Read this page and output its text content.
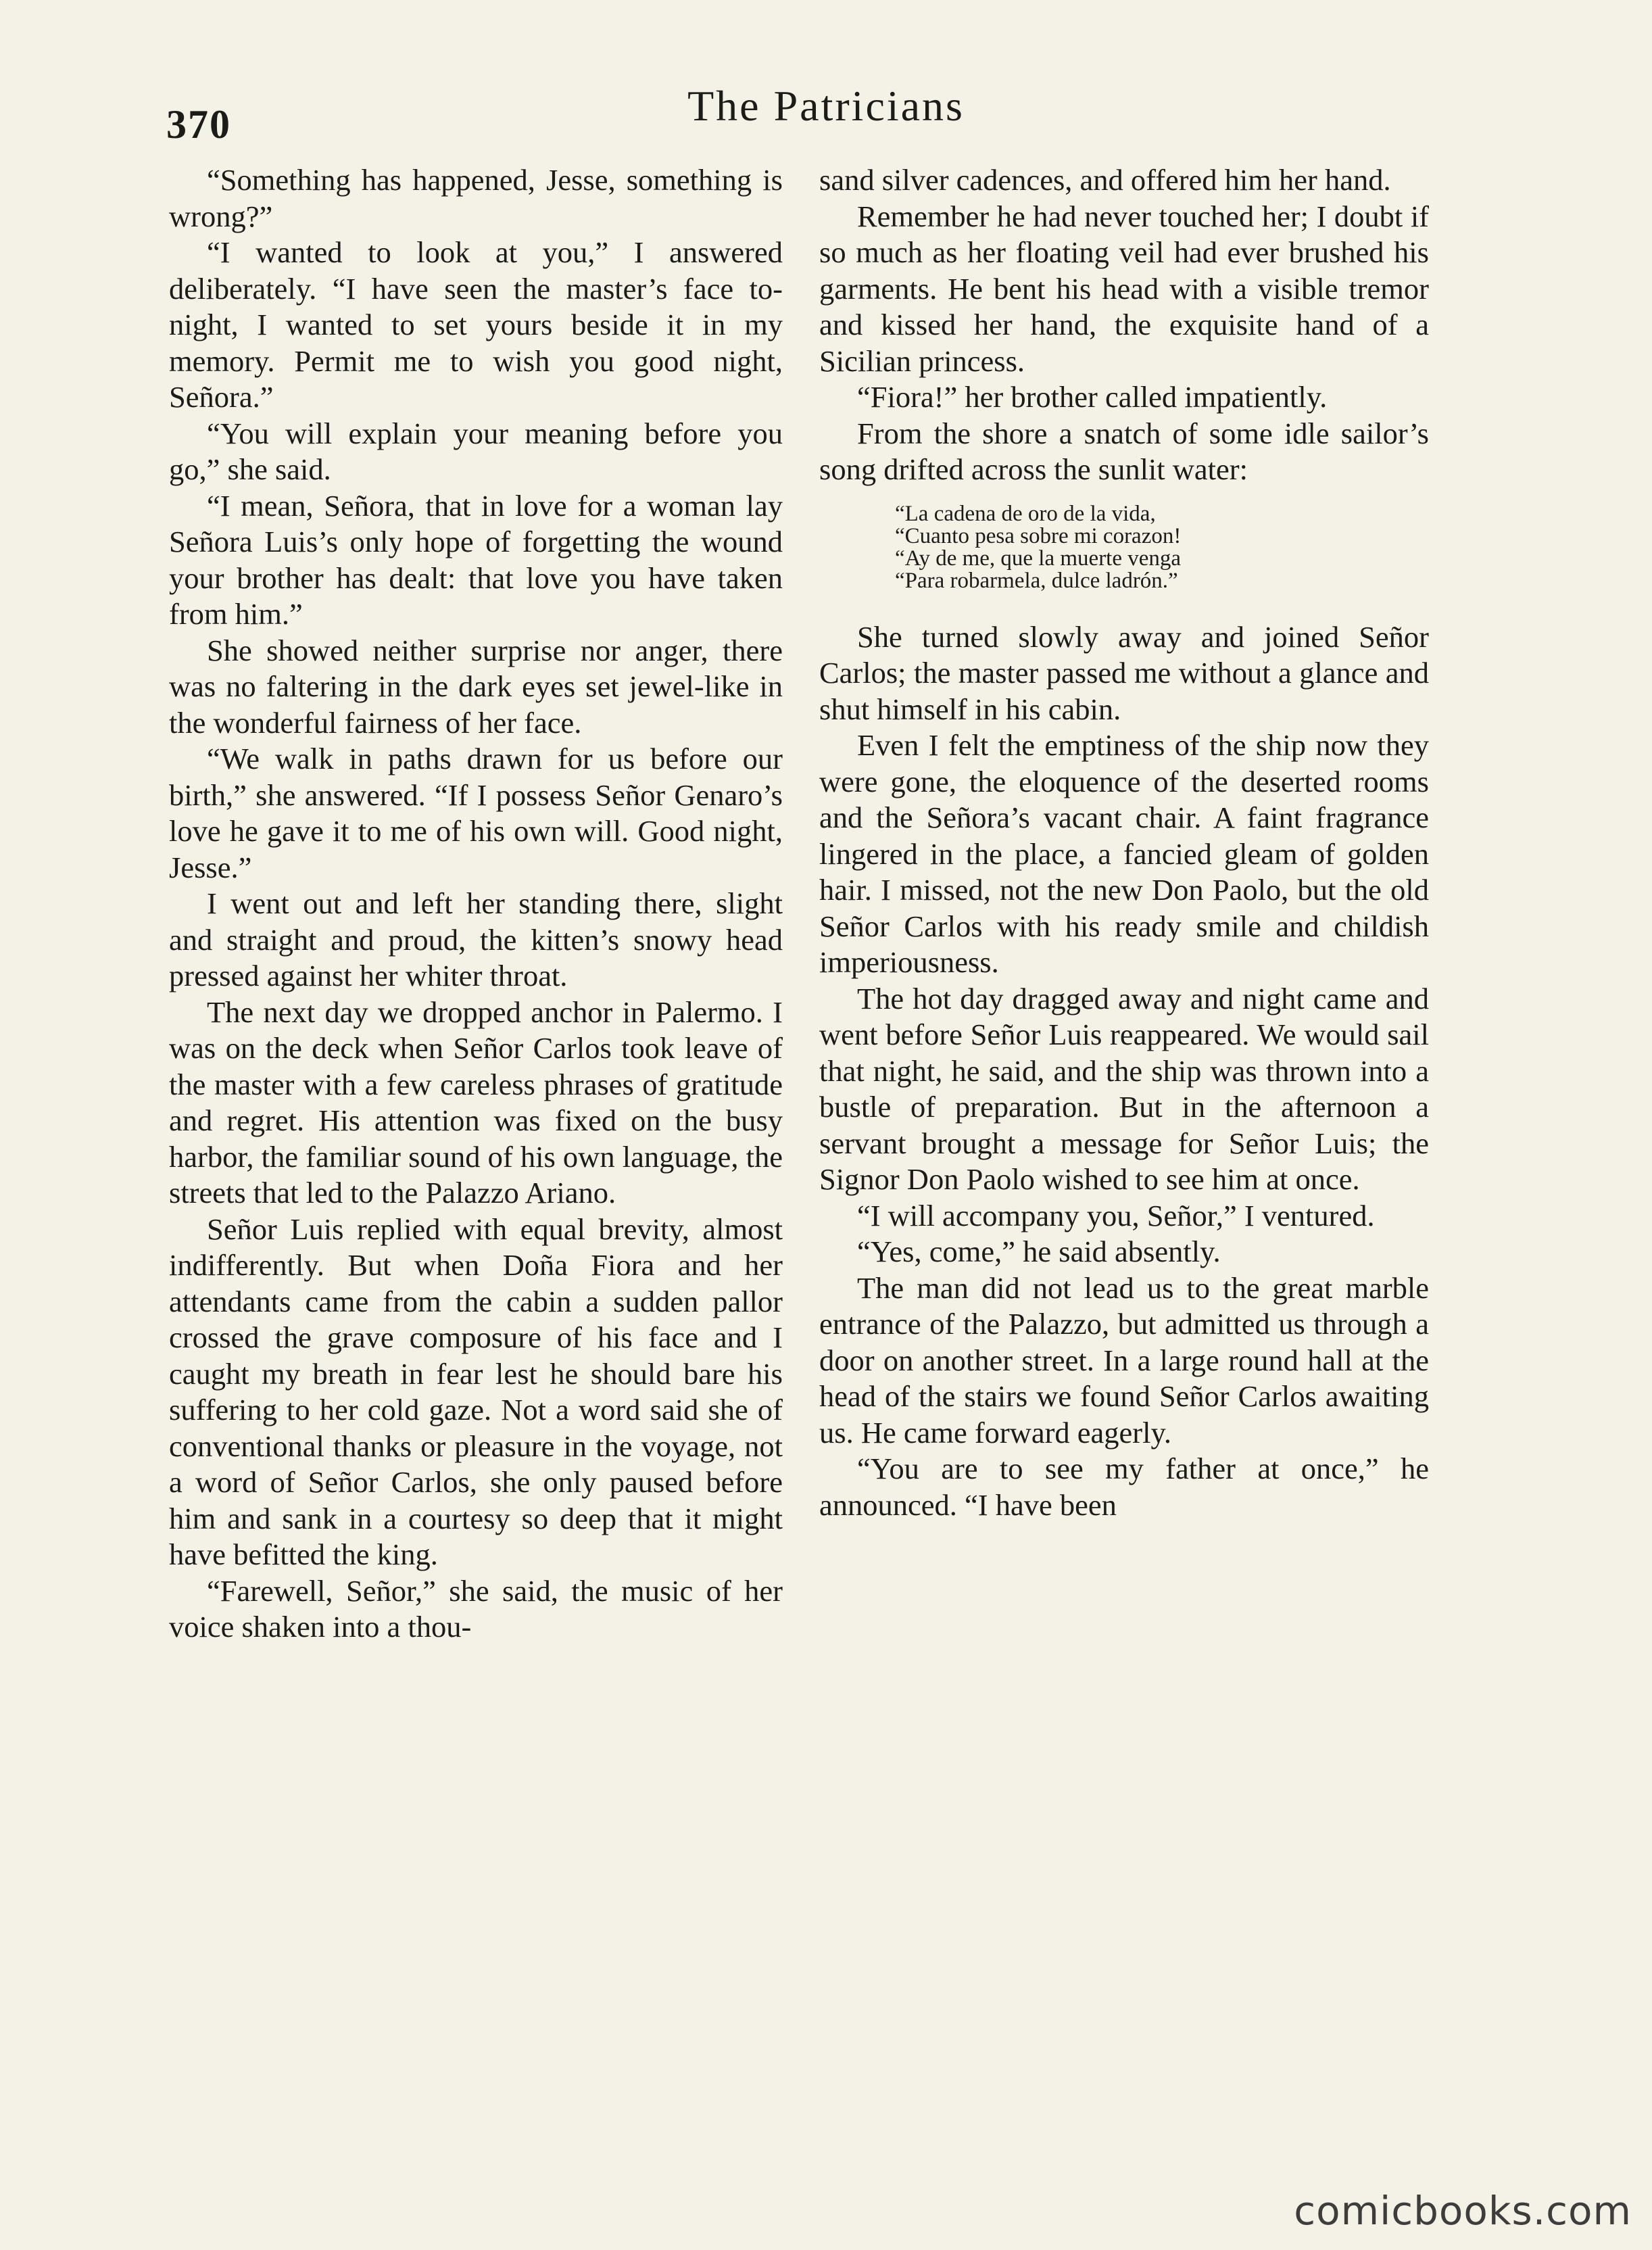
370	The Patricians

“Something has happened, Jesse, something is wrong?”

“I wanted to look at you,” I answered deliberately. “I have seen the master’s face to-night, I wanted to set yours beside it in my memory. Permit me to wish you good night, Señora.”

“You will explain your meaning before you go,” she said.

“I mean, Señora, that in love for a woman lay Señora Luis’s only hope of forgetting the wound your brother has dealt: that love you have taken from him.”

She showed neither surprise nor anger, there was no faltering in the dark eyes set jewel-like in the wonderful fairness of her face.

“We walk in paths drawn for us before our birth,” she answered. “If I possess Señor Genaro’s love he gave it to me of his own will. Good night, Jesse.”

I went out and left her standing there, slight and straight and proud, the kitten’s snowy head pressed against her whiter throat.

The next day we dropped anchor in Palermo. I was on the deck when Señor Carlos took leave of the master with a few careless phrases of gratitude and regret. His attention was fixed on the busy harbor, the familiar sound of his own language, the streets that led to the Palazzo Ariano.

Señor Luis replied with equal brevity, almost indifferently. But when Doña Fiora and her attendants came from the cabin a sudden pallor crossed the grave composure of his face and I caught my breath in fear lest he should bare his suffering to her cold gaze. Not a word said she of conventional thanks or pleasure in the voyage, not a word of Señor Carlos, she only paused before him and sank in a courtesy so deep that it might have befitted the king.

“Farewell, Señor,” she said, the music of her voice shaken into a thou-

sand silver cadences, and offered him her hand.

Remember he had never touched her; I doubt if so much as her floating veil had ever brushed his garments. He bent his head with a visible tremor and kissed her hand, the exquisite hand of a Sicilian princess.

“Fiora!” her brother called impatiently.

From the shore a snatch of some idle sailor’s song drifted across the sunlit water:

“La cadena de oro de la vida,
“Cuanto pesa sobre mi corazon!
“Ay de me, que la muerte venga
“Para robarmela, dulce ladrón.”

She turned slowly away and joined Señor Carlos; the master passed me without a glance and shut himself in his cabin.

Even I felt the emptiness of the ship now they were gone, the eloquence of the deserted rooms and the Señora’s vacant chair. A faint fragrance lingered in the place, a fancied gleam of golden hair. I missed, not the new Don Paolo, but the old Señor Carlos with his ready smile and childish imperiousness.

The hot day dragged away and night came and went before Señor Luis reappeared. We would sail that night, he said, and the ship was thrown into a bustle of preparation. But in the afternoon a servant brought a message for Señor Luis; the Signor Don Paolo wished to see him at once.

“I will accompany you, Señor,” I ventured.

“Yes, come,” he said absently.

The man did not lead us to the great marble entrance of the Palazzo, but admitted us through a door on another street. In a large round hall at the head of the stairs we found Señor Carlos awaiting us. He came forward eagerly.

“You are to see my father at once,” he announced. “I have been

comicbooks.com
